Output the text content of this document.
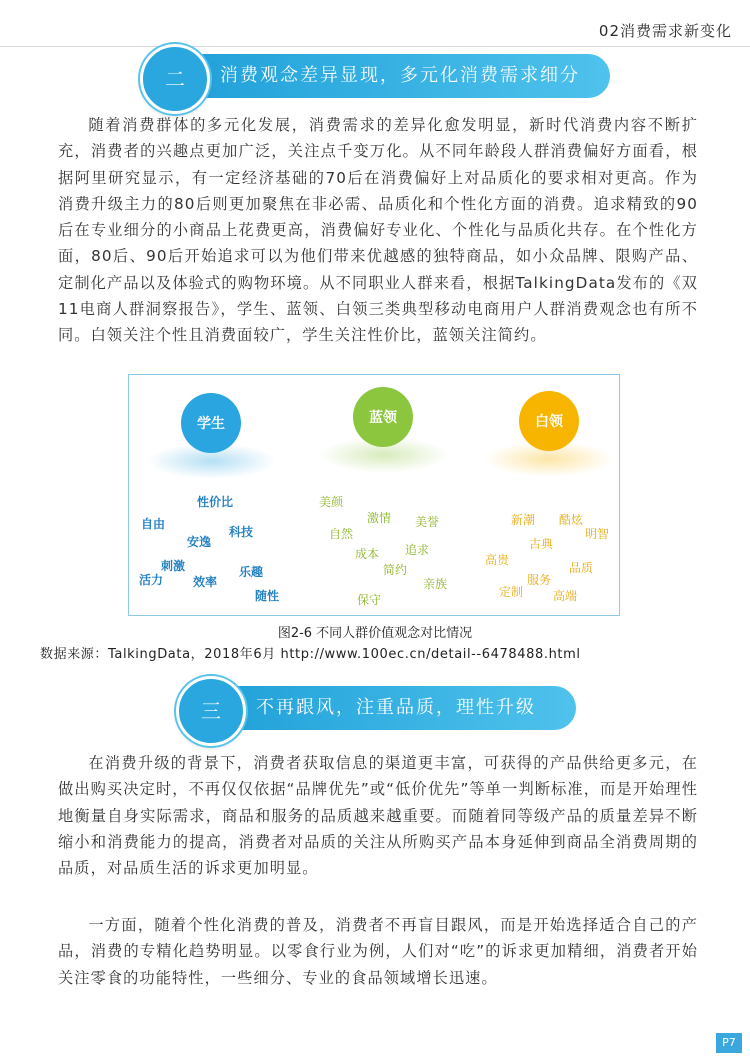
02消费需求新变化
二	消费观念差异显现，多元化消费需求细分
随着消费群体的多元化发展，消费需求的差异化愈发明显，新时代消费内容不断扩充，消费者的兴趣点更加广泛，关注点千变万化。从不同年龄段人群消费偏好方面看，根据阿里研究显示，有一定经济基础的70后在消费偏好上对品质化的要求相对更高。作为消费升级主力的80后则更加聚焦在非必需、品质化和个性化方面的消费。追求精致的90后在专业细分的小商品上花费更高，消费偏好专业化、个性化与品质化共存。在个性化方面，80后、90后开始追求可以为他们带来优越感的独特商品，如小众品牌、限购产品、定制化产品以及体验式的购物环境。从不同职业人群来看，根据TalkingData发布的《双11电商人群洞察报告》，学生、蓝领、白领三类典型移动电商用户人群消费观念也有所不同。白领关注个性且消费面较广，学生关注性价比，蓝领关注简约。
学生	蓝领	白领
性价比
自由
科技
安逸
刺激
活力 效率
乐趣
随性
美颜
激情
自然
美誉
成本 追求
简约
亲族
保守
新潮 酷炫
明智
古典
高贵
品质
服务
定制 高端
图2-6 不同人群价值观念对比情况
数据来源：TalkingData，2018年6月 http://www.100ec.cn/detail--6478488.html
三	不再跟风，注重品质，理性升级
在消费升级的背景下，消费者获取信息的渠道更丰富，可获得的产品供给更多元，在做出购买决定时，不再仅仅依据“品牌优先”或“低价优先”等单一判断标准，而是开始理性地衡量自身实际需求，商品和服务的品质越来越重要。而随着同等级产品的质量差异不断缩小和消费能力的提高，消费者对品质的关注从所购买产品本身延伸到商品全消费周期的品质，对品质生活的诉求更加明显。
一方面，随着个性化消费的普及，消费者不再盲目跟风，而是开始选择适合自己的产品，消费的专精化趋势明显。以零食行业为例，人们对“吃”的诉求更加精细，消费者开始关注零食的功能特性，一些细分、专业的食品领域增长迅速。
P7
